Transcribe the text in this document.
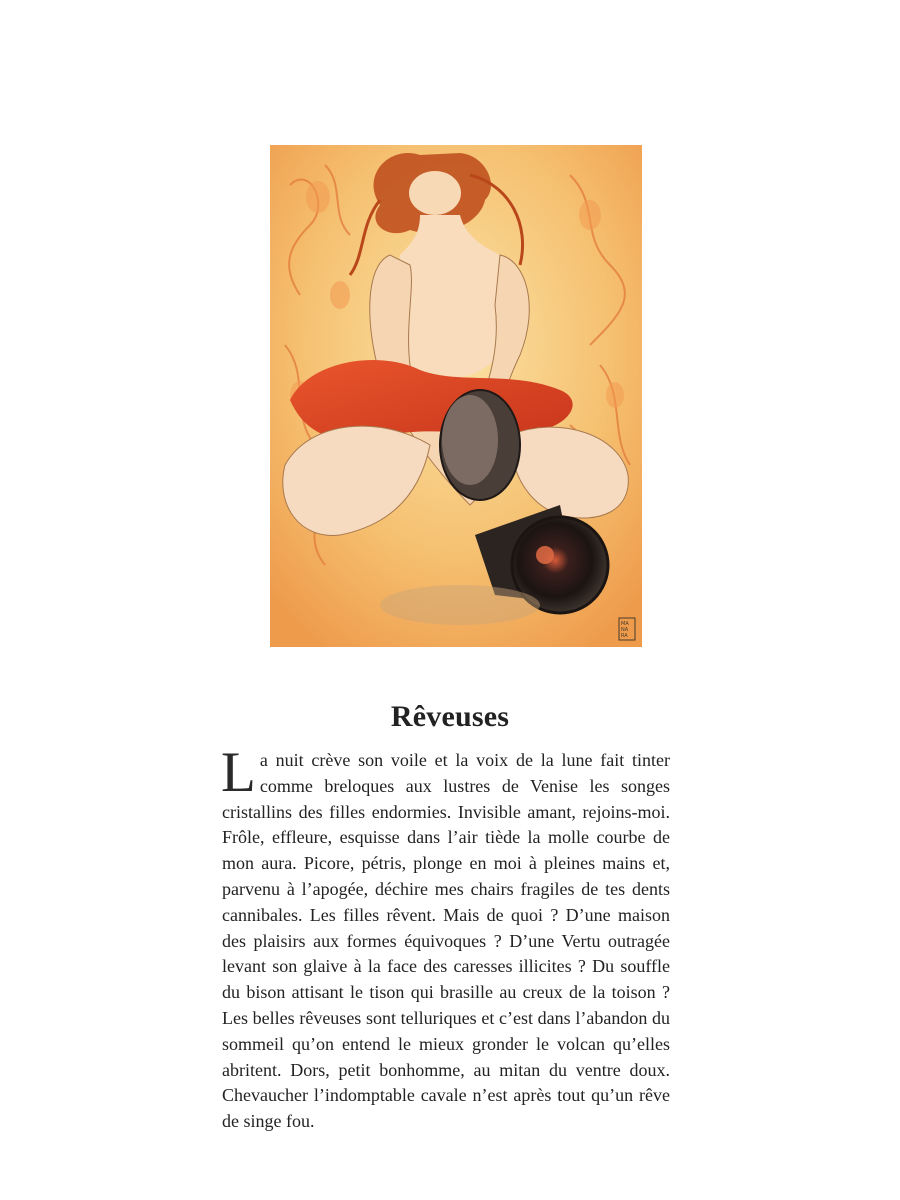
MA
NA
RA
Rêveuses

La nuit crève son voile et la voix de la lune fait tinter comme breloques aux lustres de Venise les songes cristallins des filles endormies. Invisible amant, rejoins-moi. Frôle, effleure, esquisse dans l’air tiède la molle courbe de mon aura. Picore, pétris, plonge en moi à pleines mains et, parvenu à l’apogée, déchire mes chairs fragiles de tes dents cannibales. Les filles rêvent. Mais de quoi ? D’une maison des plaisirs aux formes équivoques ? D’une Vertu outragée levant son glaive à la face des caresses illicites ? Du souffle du bison attisant le tison qui brasille au creux de la toison ? Les belles rêveuses sont telluriques et c’est dans l’abandon du sommeil qu’on entend le mieux gronder le volcan qu’elles abritent. Dors, petit bonhomme, au mitan du ventre doux. Chevaucher l’indomptable cavale n’est après tout qu’un rêve de singe fou.
